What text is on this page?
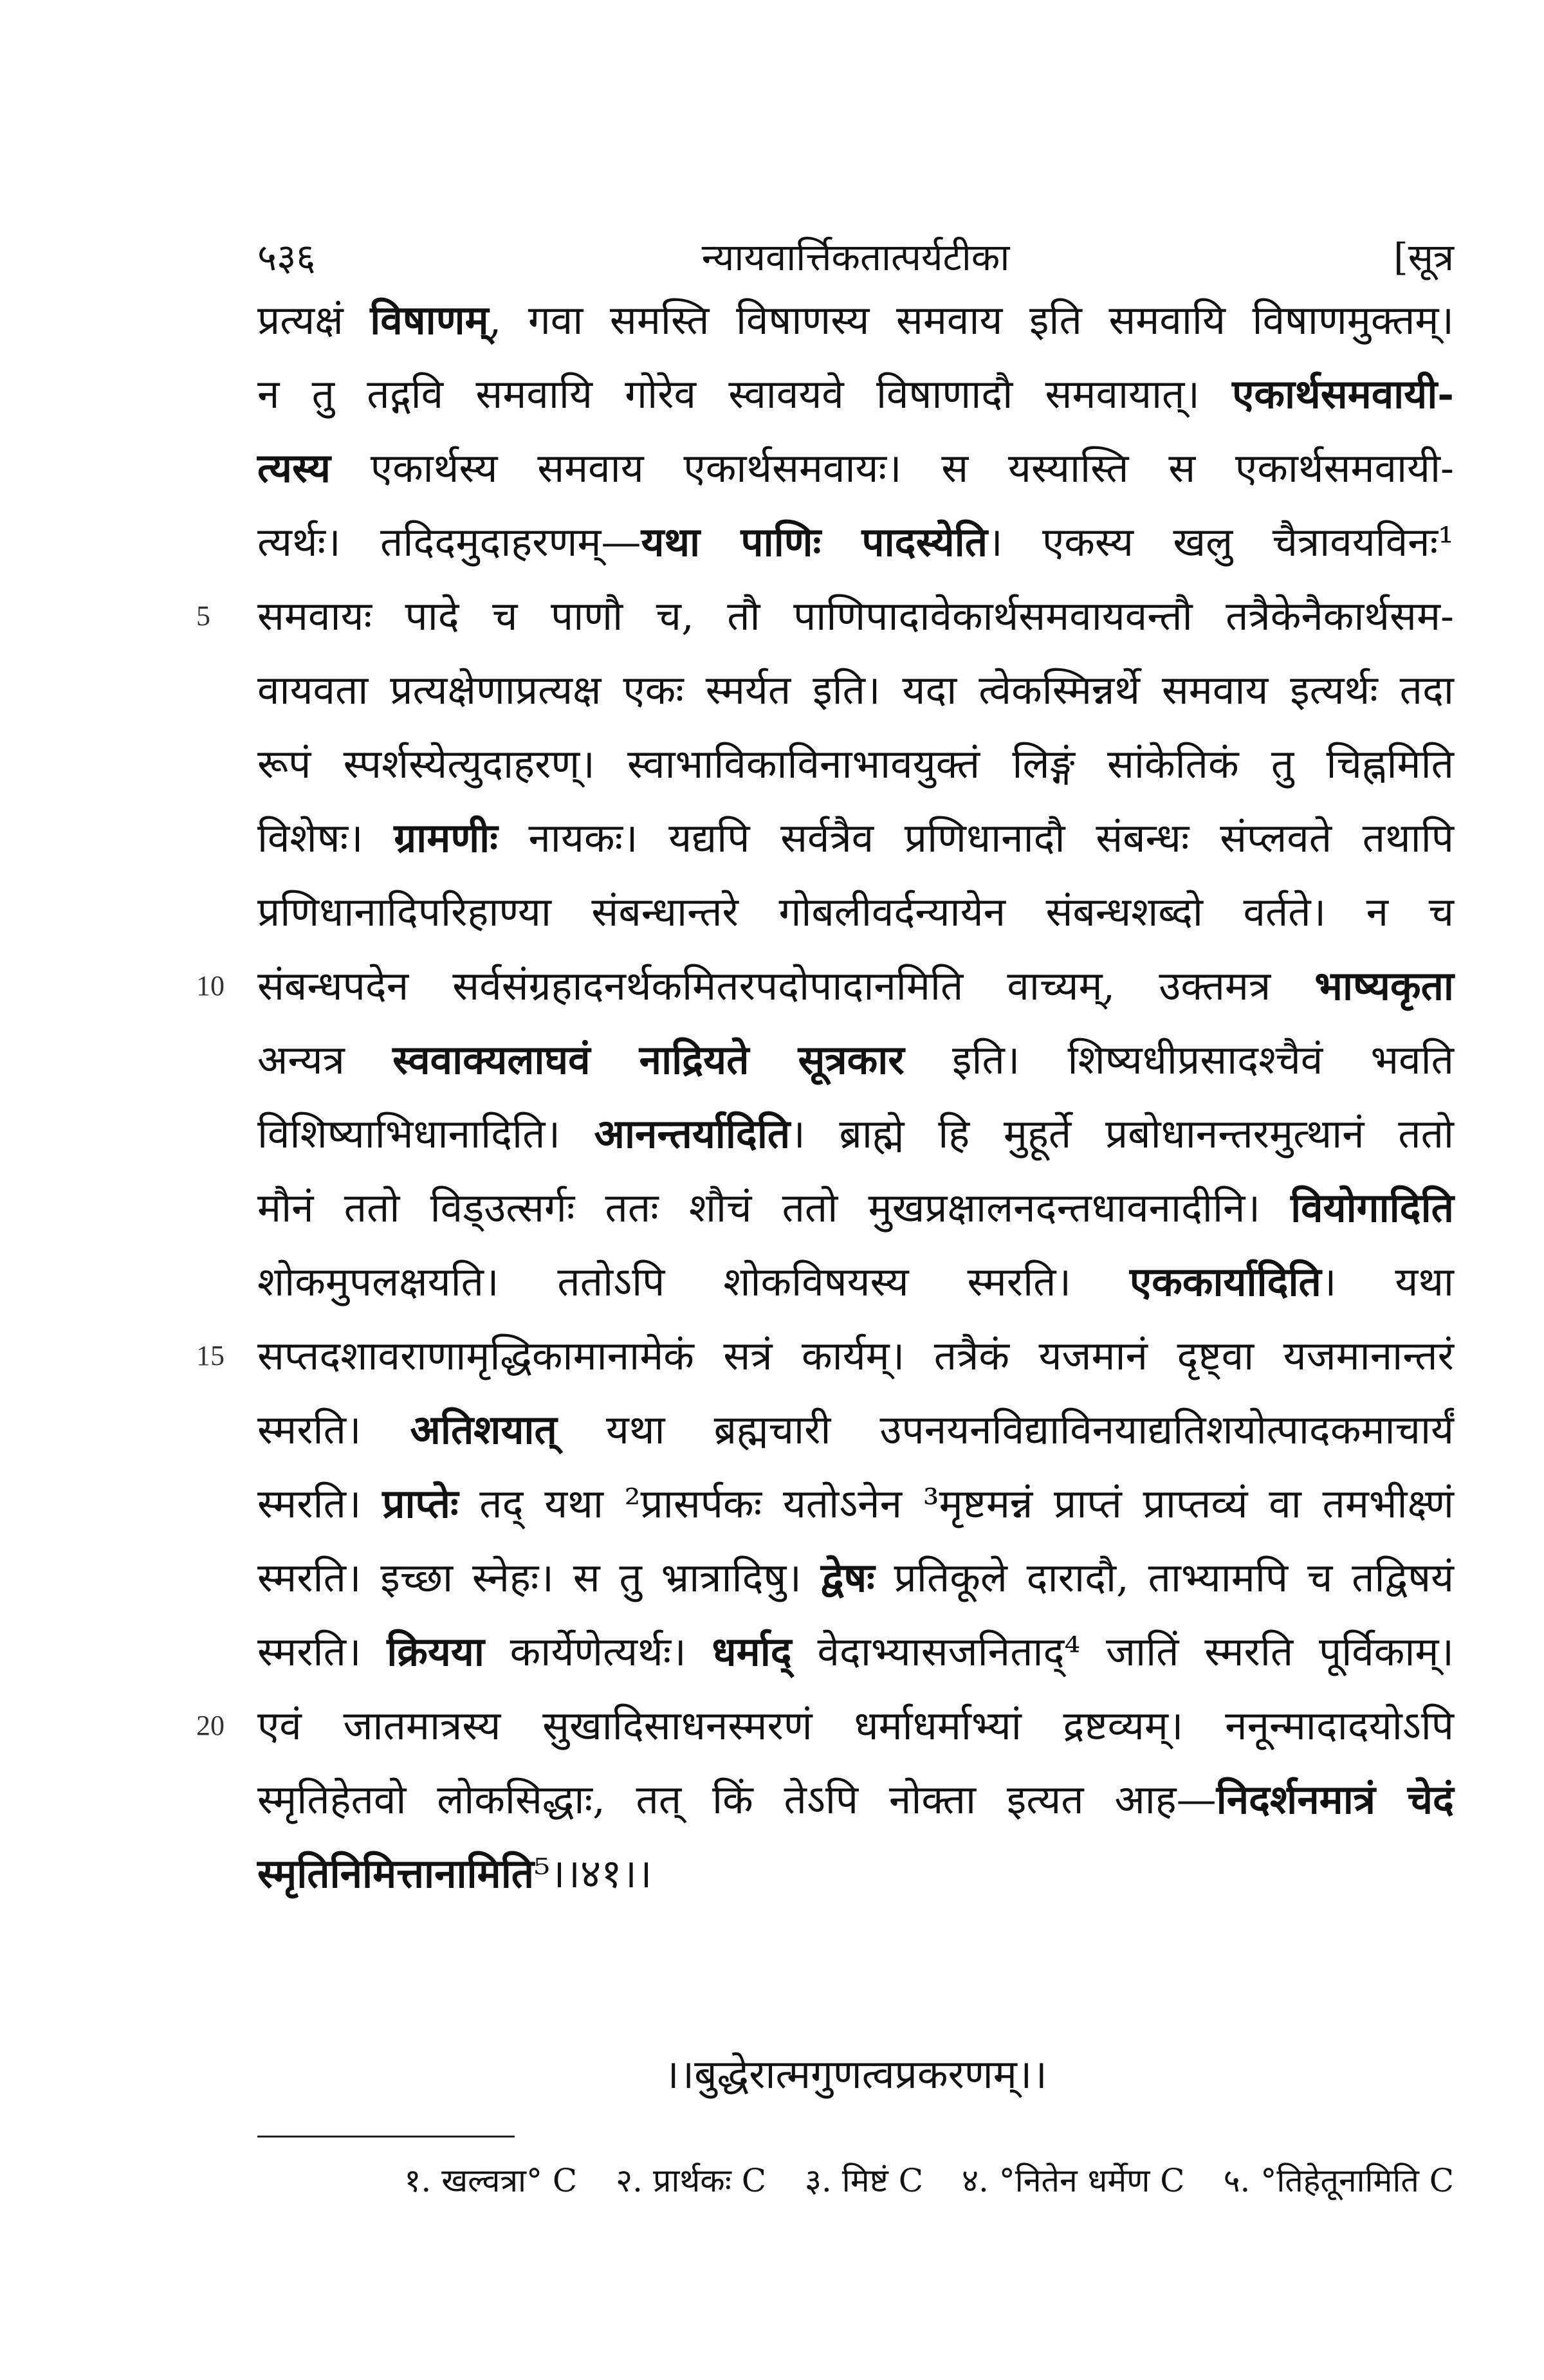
५३६	न्यायवार्त्तिकतात्पर्यटीका	[सूत्र
प्रत्यक्षं विषाणम्, गवा समस्ति विषाणस्य समवाय इति समवायि विषाणमुक्तम्।
न तु तद्गवि समवायि गोरेव स्वावयवे विषाणादौ समवायात्। एकार्थसमवायी-
त्यस्य एकार्थस्य समवाय एकार्थसमवायः। स यस्यास्ति स एकार्थसमवायी-
त्यर्थः। तदिदमुदाहरणम्—यथा पाणिः पादस्येति। एकस्य खलु चैत्रावयविनः¹
5	समवायः पादे च पाणौ च, तौ पाणिपादावेकार्थसमवायवन्तौ तत्रैकेनैकार्थसम-
वायवता प्रत्यक्षेणाप्रत्यक्ष एकः स्मर्यत इति। यदा त्वेकस्मिन्नर्थे समवाय इत्यर्थः तदा
रूपं स्पर्शस्येत्युदाहरण्। स्वाभाविकाविनाभावयुक्तं लिङ्गं सांकेतिकं तु चिह्नमिति
विशेषः। ग्रामणीः नायकः। यद्यपि सर्वत्रैव प्रणिधानादौ संबन्धः संप्लवते तथापि
प्रणिधानादिपरिहाण्या संबन्धान्तरे गोबलीवर्दन्यायेन संबन्धशब्दो वर्तते। न च
10 संबन्धपदेन सर्वसंग्रहादनर्थकमितरपदोपादानमिति वाच्यम्, उक्तमत्र भाष्यकृता
अन्यत्र स्ववाक्यलाघवं नाद्रियते सूत्रकार इति। शिष्यधीप्रसादश्चैवं भवति
विशिष्याभिधानादिति। आनन्तर्यादिति। ब्राह्मे हि मुहूर्ते प्रबोधानन्तरमुत्थानं ततो
मौनं ततो विड्उत्सर्गः ततः शौचं ततो मुखप्रक्षालनदन्तधावनादीनि। वियोगादिति
शोकमुपलक्षयति। ततोऽपि शोकविषयस्य स्मरति। एककार्यादिति। यथा
15 सप्तदशावराणामृद्धिकामानामेकं सत्रं कार्यम्। तत्रैकं यजमानं दृष्ट्वा यजमानान्तरं
स्मरति। अतिशयात् यथा ब्रह्मचारी उपनयनविद्याविनयाद्यतिशयोत्पादकमाचार्यं
स्मरति। प्राप्तेः तद् यथा ²प्रासर्पकः यतोऽनेन ³मृष्टमन्नं प्राप्तं प्राप्तव्यं वा तमभीक्ष्णं
स्मरति। इच्छा स्नेहः। स तु भ्रात्रादिषु। द्वेषः प्रतिकूले दारादौ, ताभ्यामपि च तद्विषयं
स्मरति। क्रियया कार्येणेत्यर्थः। धर्माद् वेदाभ्यासजनिताद्⁴ जातिं स्मरति पूर्विकाम्।
20 एवं जातमात्रस्य सुखादिसाधनस्मरणं धर्माधर्माभ्यां द्रष्टव्यम्। ननून्मादादयोऽपि
स्मृतिहेतवो लोकसिद्धाः, तत् किं तेऽपि नोक्ता इत्यत आह—निदर्शनमात्रं चेदं
स्मृतिनिमित्तानामिति⁵।।४१।।
।।बुद्धेरात्मगुणत्वप्रकरणम्।।
१. खल्वत्रा° C २. प्रार्थकः C ३. मिष्टं C ४. °नितेन धर्मेण C ५. °तिहेतूनामिति C
